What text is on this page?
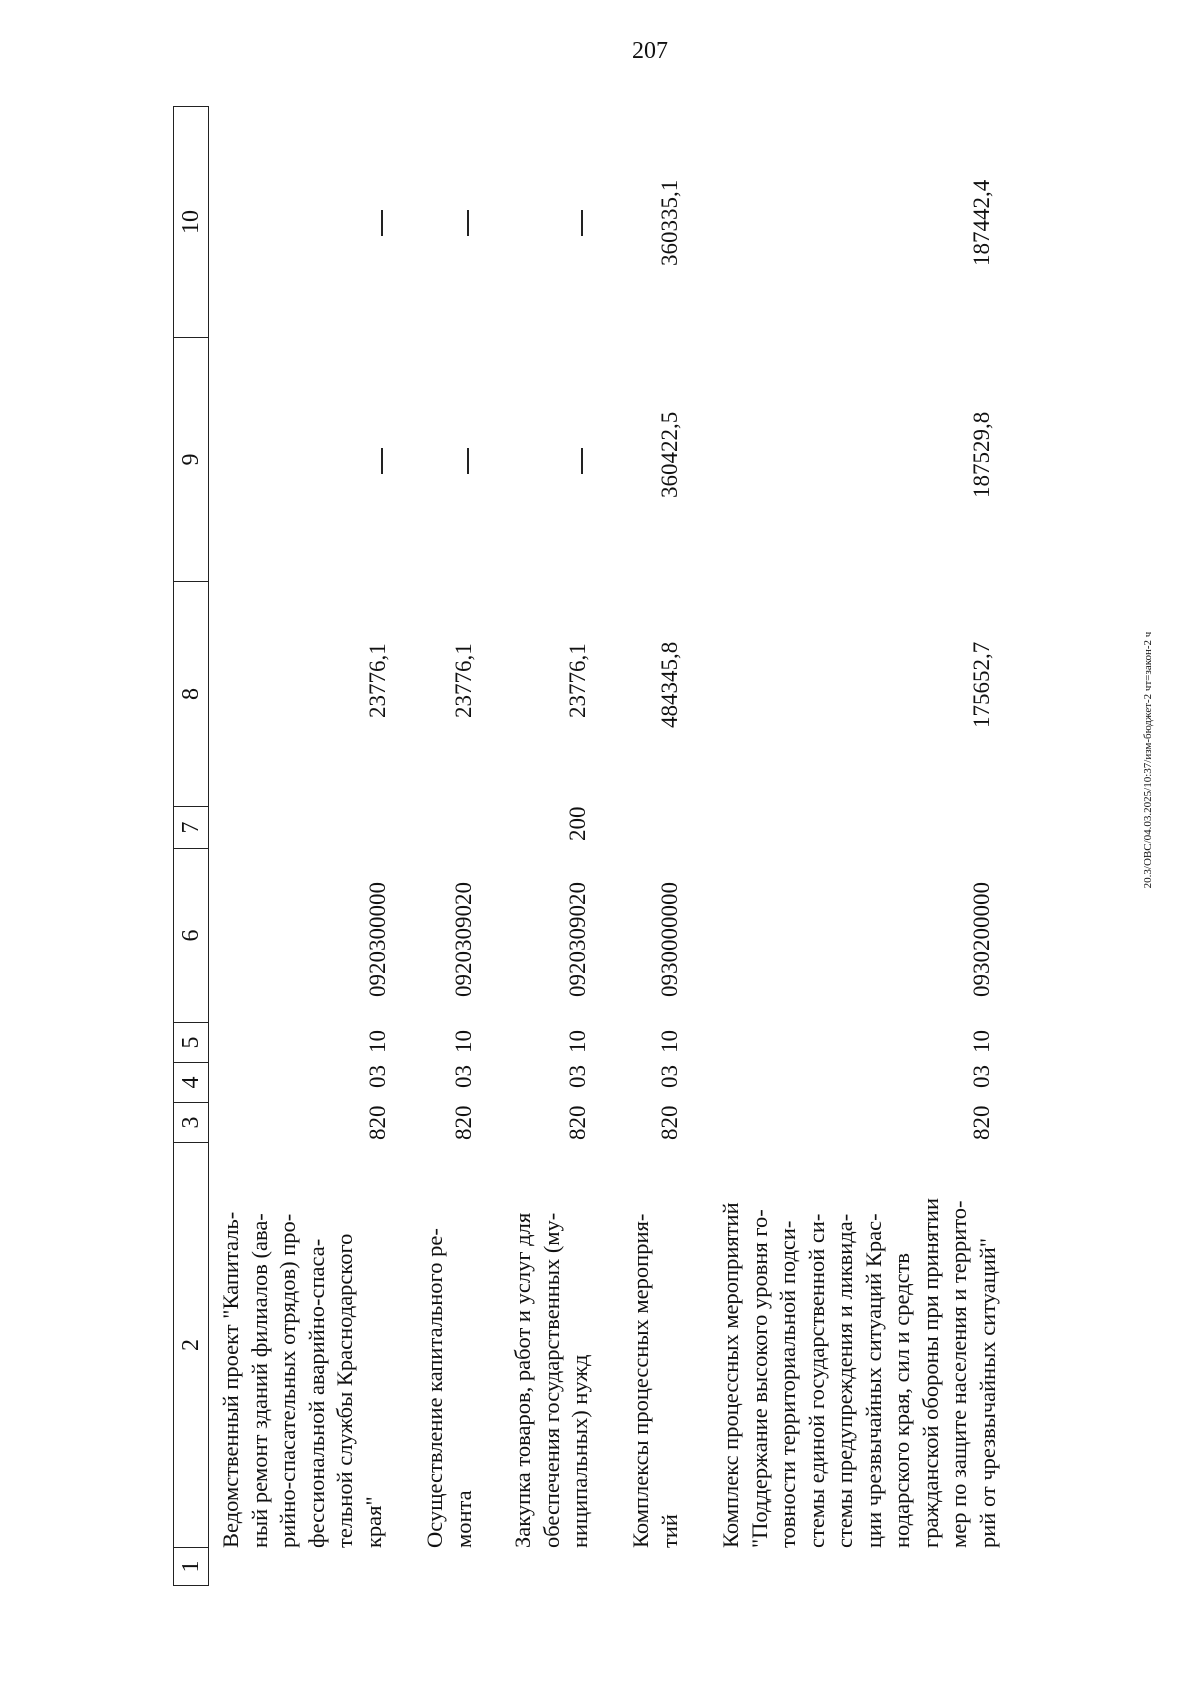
207
20.3/ОВС/04.03.2025/10:37/изм-бюджет-2 чт=закон-2 ч
1
2
3
4
5
6
7
8
9
10
Ведомственный проект "Капиталь-
ный ремонт зданий филиалов (ава-
рийно-спасательных отрядов) про-
фессиональной аварийно-спаса-
тельной службы Краснодарского
края"
820
03
10
0920300000
23776,1
Осуществление капитального ре-
монта
820
03
10
0920309020
23776,1
Закупка товаров, работ и услуг для
обеспечения государственных (му-
ниципальных) нужд
820
03
10
0920309020
200
23776,1
Комплексы процессных мероприя-
тий
820
03
10
0930000000
484345,8
360422,5
360335,1
Комплекс процессных мероприятий
"Поддержание высокого уровня го-
товности территориальной подси-
стемы единой государственной си-
стемы предупреждения и ликвида-
ции чрезвычайных ситуаций Крас-
нодарского края, сил и средств
гражданской обороны при принятии
мер по защите населения и террито-
рий от чрезвычайных ситуаций"
820
03
10
0930200000
175652,7
187529,8
187442,4
